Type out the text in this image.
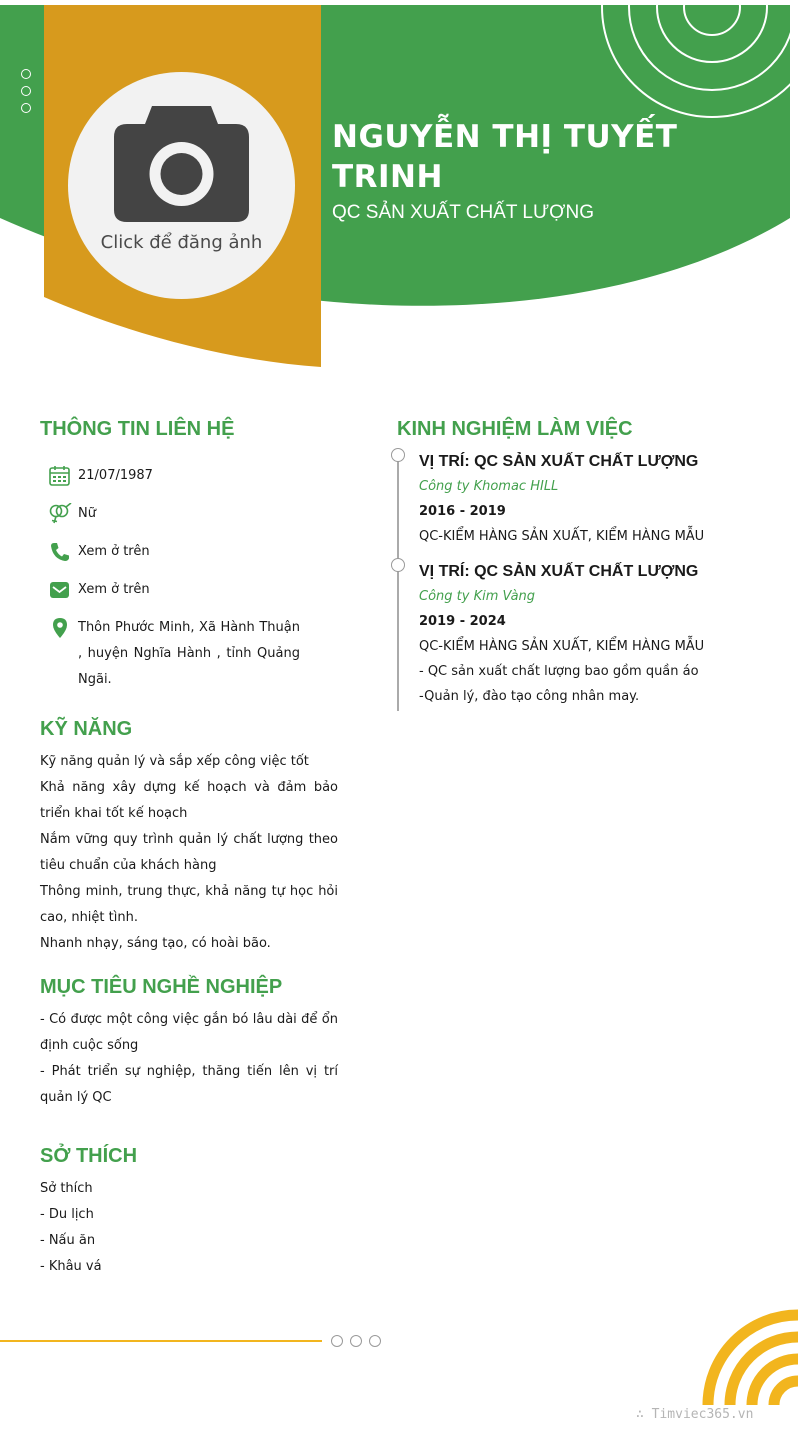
Click để đăng ảnh
NGUYỄN THỊ TUYẾT TRINH
QC SẢN XUẤT CHẤT LƯỢNG
THÔNG TIN LIÊN HỆ
21/07/1987
Nữ
Xem ở trên
Xem ở trên
Thôn Phước Minh, Xã Hành Thuận , huyện Nghĩa Hành , tỉnh Quảng Ngãi.
KỸ NĂNG
Kỹ năng quản lý và sắp xếp công việc tốt
Khả năng xây dựng kế hoạch và đảm bảo triển khai tốt kế hoạch
Nắm vững quy trình quản lý chất lượng theo tiêu chuẩn của khách hàng
Thông minh, trung thực, khả năng tự học hỏi cao, nhiệt tình.
Nhanh nhạy, sáng tạo, có hoài bão.
MỤC TIÊU NGHỀ NGHIỆP
- Có được một công việc gắn bó lâu dài để ổn định cuộc sống
- Phát triển sự nghiệp, thăng tiến lên vị trí quản lý QC
SỞ THÍCH
Sở thích
- Du lịch
- Nấu ăn
- Khâu vá
KINH NGHIỆM LÀM VIỆC
VỊ TRÍ: QC SẢN XUẤT CHẤT LƯỢNG
Công ty Khomac HILL
2016 - 2019
QC-KIỂM HÀNG SẢN XUẤT, KIỂM HÀNG MẪU
VỊ TRÍ: QC SẢN XUẤT CHẤT LƯỢNG
Công ty Kim Vàng
2019 - 2024
QC-KIỂM HÀNG SẢN XUẤT, KIỂM HÀNG MẪU
- QC sản xuất chất lượng bao gồm quần áo
-Quản lý, đào tạo công nhân may.
∴ Timviec365.vn
